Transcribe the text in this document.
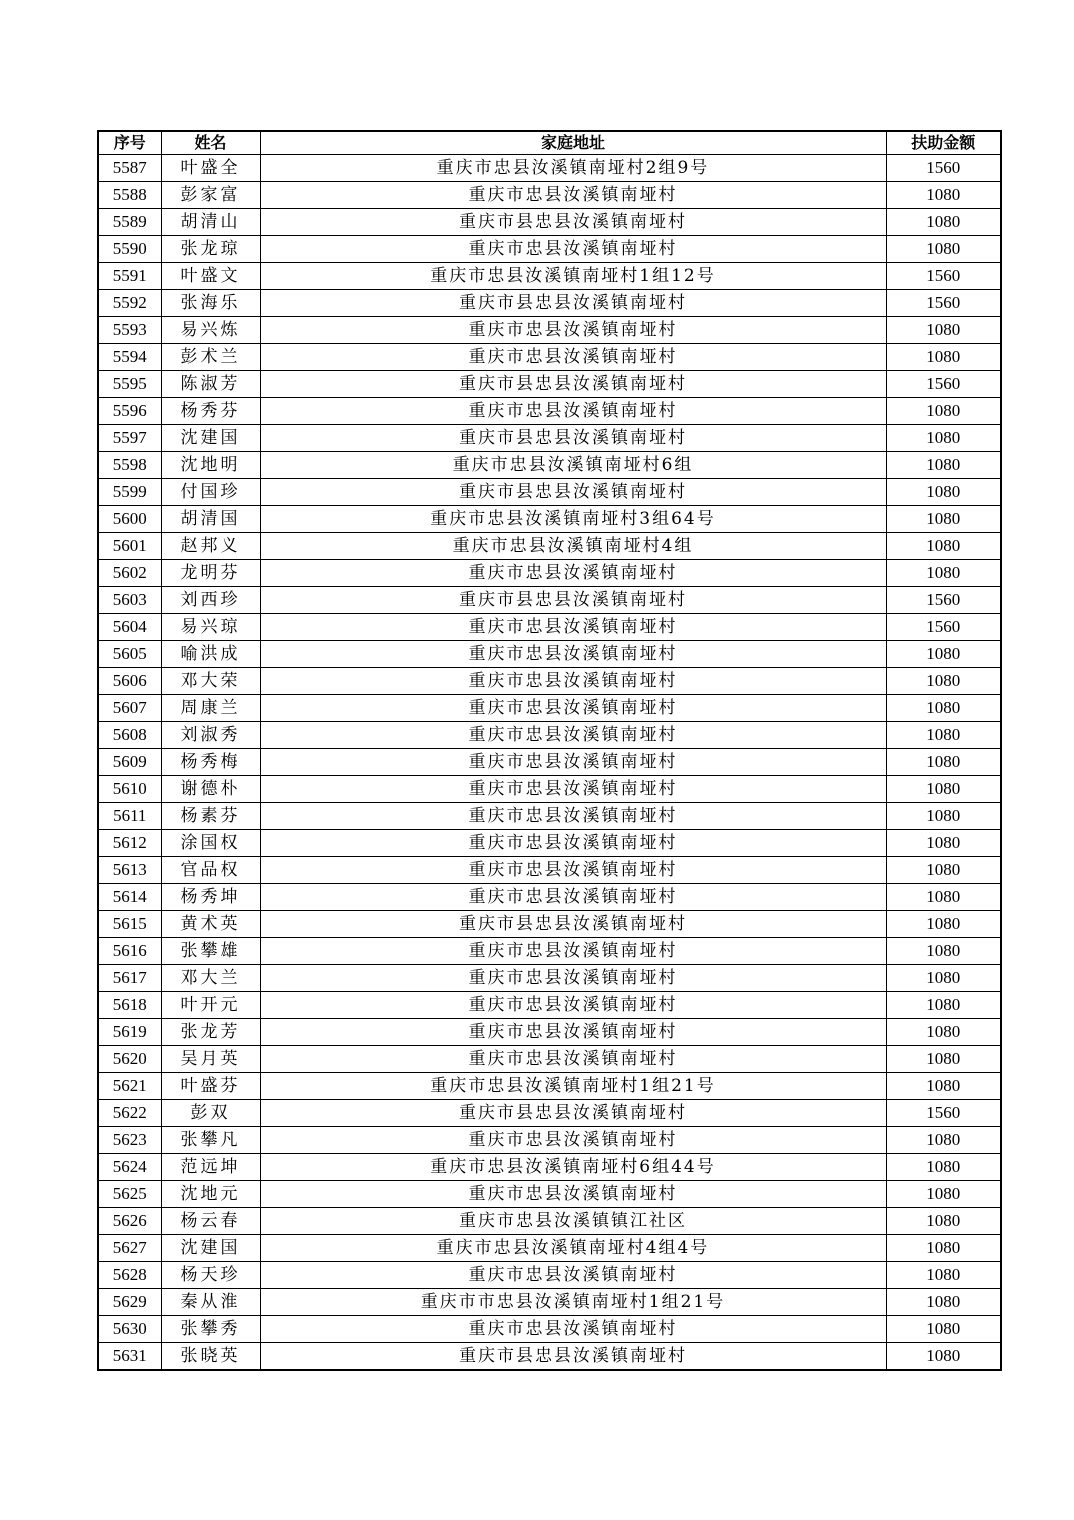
序号	姓名	家庭地址	扶助金额
5587	叶盛全	重庆市忠县汝溪镇南垭村2组9号	1560
5588	彭家富	重庆市忠县汝溪镇南垭村	1080
5589	胡清山	重庆市县忠县汝溪镇南垭村	1080
5590	张龙琼	重庆市忠县汝溪镇南垭村	1080
5591	叶盛文	重庆市忠县汝溪镇南垭村1组12号	1560
5592	张海乐	重庆市县忠县汝溪镇南垭村	1560
5593	易兴炼	重庆市忠县汝溪镇南垭村	1080
5594	彭术兰	重庆市忠县汝溪镇南垭村	1080
5595	陈淑芳	重庆市县忠县汝溪镇南垭村	1560
5596	杨秀芬	重庆市忠县汝溪镇南垭村	1080
5597	沈建国	重庆市县忠县汝溪镇南垭村	1080
5598	沈地明	重庆市忠县汝溪镇南垭村6组	1080
5599	付国珍	重庆市县忠县汝溪镇南垭村	1080
5600	胡清国	重庆市忠县汝溪镇南垭村3组64号	1080
5601	赵邦义	重庆市忠县汝溪镇南垭村4组	1080
5602	龙明芬	重庆市忠县汝溪镇南垭村	1080
5603	刘西珍	重庆市县忠县汝溪镇南垭村	1560
5604	易兴琼	重庆市忠县汝溪镇南垭村	1560
5605	喻洪成	重庆市忠县汝溪镇南垭村	1080
5606	邓大荣	重庆市忠县汝溪镇南垭村	1080
5607	周康兰	重庆市忠县汝溪镇南垭村	1080
5608	刘淑秀	重庆市忠县汝溪镇南垭村	1080
5609	杨秀梅	重庆市忠县汝溪镇南垭村	1080
5610	谢德朴	重庆市忠县汝溪镇南垭村	1080
5611	杨素芬	重庆市忠县汝溪镇南垭村	1080
5612	涂国权	重庆市忠县汝溪镇南垭村	1080
5613	官品权	重庆市忠县汝溪镇南垭村	1080
5614	杨秀坤	重庆市忠县汝溪镇南垭村	1080
5615	黄术英	重庆市县忠县汝溪镇南垭村	1080
5616	张攀雄	重庆市忠县汝溪镇南垭村	1080
5617	邓大兰	重庆市忠县汝溪镇南垭村	1080
5618	叶开元	重庆市忠县汝溪镇南垭村	1080
5619	张龙芳	重庆市忠县汝溪镇南垭村	1080
5620	吴月英	重庆市忠县汝溪镇南垭村	1080
5621	叶盛芬	重庆市忠县汝溪镇南垭村1组21号	1080
5622	彭双	重庆市县忠县汝溪镇南垭村	1560
5623	张攀凡	重庆市忠县汝溪镇南垭村	1080
5624	范远坤	重庆市忠县汝溪镇南垭村6组44号	1080
5625	沈地元	重庆市忠县汝溪镇南垭村	1080
5626	杨云春	重庆市忠县汝溪镇镇江社区	1080
5627	沈建国	重庆市忠县汝溪镇南垭村4组4号	1080
5628	杨天珍	重庆市忠县汝溪镇南垭村	1080
5629	秦从淮	重庆市市忠县汝溪镇南垭村1组21号	1080
5630	张攀秀	重庆市忠县汝溪镇南垭村	1080
5631	张晓英	重庆市县忠县汝溪镇南垭村	1080
